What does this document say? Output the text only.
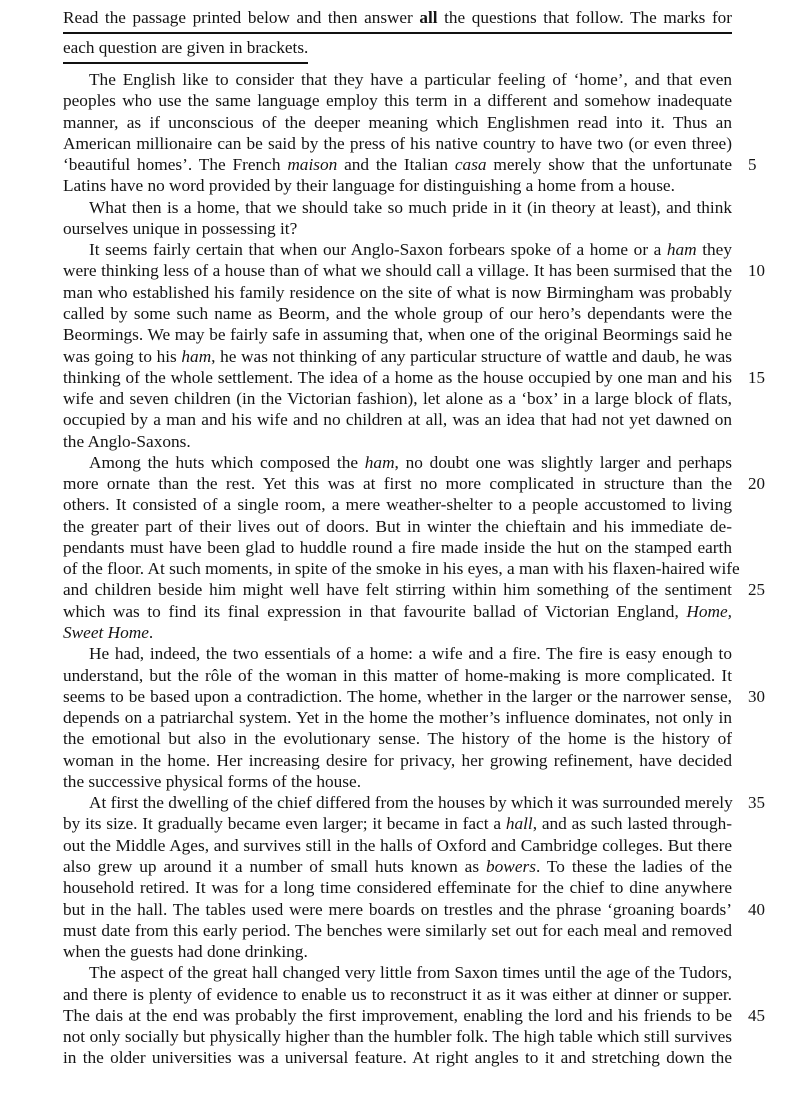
Read the passage printed below and then answer all the questions that follow. The marks for
each question are given in brackets.
The English like to consider that they have a particular feeling of ‘home’, and that even
peoples who use the same language employ this term in a different and somehow inadequate
manner, as if unconscious of the deeper meaning which Englishmen read into it. Thus an
American millionaire can be said by the press of his native country to have two (or even three)
‘beautiful homes’. The French maison and the Italian casa merely show that the unfortunate 5
Latins have no word provided by their language for distinguishing a home from a house.
What then is a home, that we should take so much pride in it (in theory at least), and think
ourselves unique in possessing it?
It seems fairly certain that when our Anglo-Saxon forbears spoke of a home or a ham they
were thinking less of a house than of what we should call a village. It has been surmised that the 10
man who established his family residence on the site of what is now Birmingham was probably
called by some such name as Beorm, and the whole group of our hero’s dependants were the
Beormings. We may be fairly safe in assuming that, when one of the original Beormings said he
was going to his ham, he was not thinking of any particular structure of wattle and daub, he was
thinking of the whole settlement. The idea of a home as the house occupied by one man and his 15
wife and seven children (in the Victorian fashion), let alone as a ‘box’ in a large block of flats,
occupied by a man and his wife and no children at all, was an idea that had not yet dawned on
the Anglo-Saxons.
Among the huts which composed the ham, no doubt one was slightly larger and perhaps
more ornate than the rest. Yet this was at first no more complicated in structure than the 20
others. It consisted of a single room, a mere weather-shelter to a people accustomed to living
the greater part of their lives out of doors. But in winter the chieftain and his immediate de-
pendants must have been glad to huddle round a fire made inside the hut on the stamped earth
of the floor. At such moments, in spite of the smoke in his eyes, a man with his flaxen-haired wife
and children beside him might well have felt stirring within him something of the sentiment 25
which was to find its final expression in that favourite ballad of Victorian England, Home,
Sweet Home.
He had, indeed, the two essentials of a home: a wife and a fire. The fire is easy enough to
understand, but the rôle of the woman in this matter of home-making is more complicated. It
seems to be based upon a contradiction. The home, whether in the larger or the narrower sense, 30
depends on a patriarchal system. Yet in the home the mother’s influence dominates, not only in
the emotional but also in the evolutionary sense. The history of the home is the history of
woman in the home. Her increasing desire for privacy, her growing refinement, have decided
the successive physical forms of the house.
At first the dwelling of the chief differed from the houses by which it was surrounded merely 35
by its size. It gradually became even larger; it became in fact a hall, and as such lasted through-
out the Middle Ages, and survives still in the halls of Oxford and Cambridge colleges. But there
also grew up around it a number of small huts known as bowers. To these the ladies of the
household retired. It was for a long time considered effeminate for the chief to dine anywhere
but in the hall. The tables used were mere boards on trestles and the phrase ‘groaning boards’ 40
must date from this early period. The benches were similarly set out for each meal and removed
when the guests had done drinking.
The aspect of the great hall changed very little from Saxon times until the age of the Tudors,
and there is plenty of evidence to enable us to reconstruct it as it was either at dinner or supper.
The dais at the end was probably the first improvement, enabling the lord and his friends to be 45
not only socially but physically higher than the humbler folk. The high table which still survives
in the older universities was a universal feature. At right angles to it and stretching down the
